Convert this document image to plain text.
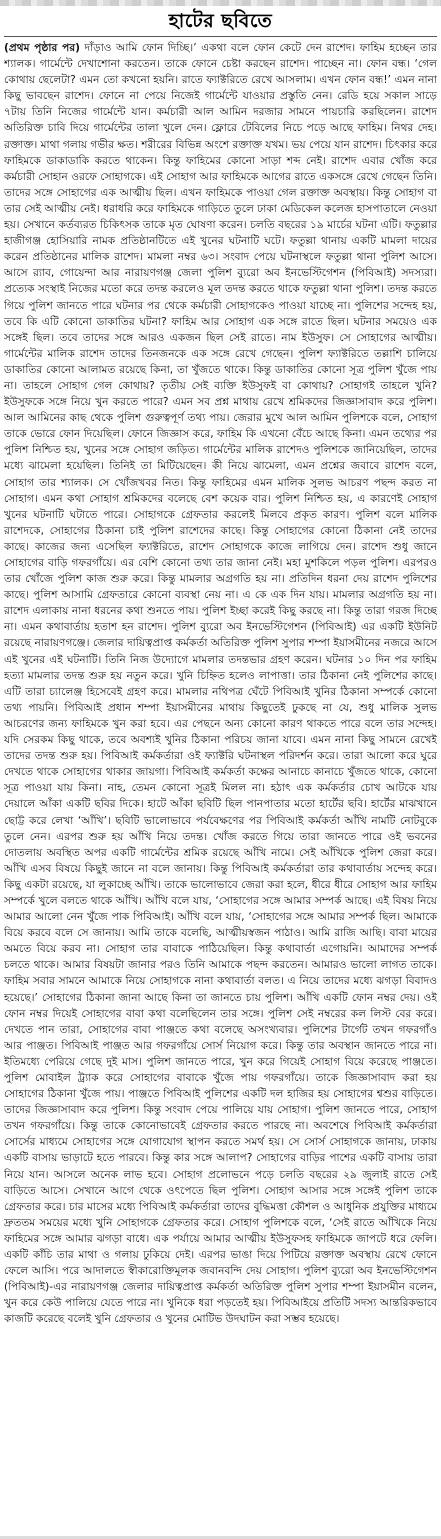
হাটের ছবিতে

(প্রথম পৃষ্ঠার পর) দাঁড়াও আমি ফোন দিচ্ছি।’ একথা বলে ফোন কেটে দেন রাশেদ। ফাহিম হচ্ছেন তার শ্যালক। গার্মেন্টে দেখাশোনা করতেন। তাকে ফোনে চেষ্টা করছেন রাশেদ। পাচ্ছেন না। ফোন বন্ধ। ‘গেল কোথায় ছেলেটা? এমন তো কখনো হয়নি। রাতে ফ্যাক্টরিতে রেখে আসলাম। এখন ফোন বন্ধ!’ এমন নানা কিছু ভাবছেন রাশেদ। ফোনে না পেয়ে নিজেই গার্মেন্টে যাওয়ার প্রস্তুতি নেন। রেডি হয়ে সকাল সাড়ে ৭টায় তিনি নিজের গার্মেন্টে যান। কর্মচারী আল আমিন দরজার সামনে পায়চারি করছিলেন। রাশেদ অতিরিক্ত চাবি দিয়ে গার্মেন্টের তালা খুলে দেন। ফ্লোরে টেবিলের নিচে পড়ে আছে ফাহিম। নিথর দেহ। রক্তাক্ত। মাথা গলায় গভীর ক্ষত। শরীরের বিভিন্ন অংশে রক্তাক্ত যখম। ভয় পেয়ে যান রাশেদ। চিৎকার করে ফাহিমকে ডাকাডাকি করতে থাকেন। কিন্তু ফাহিমের কোনো সাড়া শব্দ নেই। রাশেদ এবার খোঁজ করে কর্মচারী সোহান ওরফে সোহাগকে। এই সোহাগ আর ফাহিমকে আগের রাতে একসঙ্গে রেখে গেছেন তিনি। তাদের সঙ্গে সোহাগের এক আত্মীয় ছিল। এখন ফাহিমকে পাওয়া গেল রক্তাক্ত অবস্থায়। কিন্তু সোহাগ বা তার সেই আত্মীয় নেই। ধরাধরি করে ফাহিমকে গাড়িতে তুলে ঢাকা মেডিকেল কলেজ হাসপাতালে নেওয়া হয়। সেখানে কর্তব্যরত চিকিৎসক তাকে মৃত ঘোষণা করেন। চলতি বছরের ১৯ মার্চের ঘটনা এটি। ফতুল্লার হাজীগঞ্জ হোসিয়ারি নামক প্রতিষ্ঠানটিতে এই খুনের ঘটনাটি ঘটে। ফতুল্লা থানায় একটি মামলা দায়ের করেন প্রতিষ্ঠানের মালিক রাশেদ। মামলা নম্বর ৬৩। সংবাদ পেয়ে ঘটনাস্থলে ফতুল্লা থানা পুলিশ আসে। আসে র‌্যাব, গোয়েন্দা আর নারায়ণগঞ্জ জেলা পুলিশ ব্যুরো অব ইনভেস্টিগেশন (পিবিআই) সদস্যরা। প্রত্যেক সংস্থাই নিজের মতো করে তদন্ত করলেও মূল তদন্ত করতে থাকে ফতুল্লা থানা পুলিশ। তদন্ত করতে গিয়ে পুলিশ জানতে পারে ঘটনার পর থেকে কর্মচারী সোহাগকেও পাওয়া যাচ্ছে না। পুলিশের সন্দেহ হয়, তবে কি এটি কোনো ডাকাতির ঘটনা? ফাহিম আর সোহাগ এক সঙ্গে রাতে ছিল। ঘটনার সময়েও এক সঙ্গেই ছিল। তবে তাদের সঙ্গে আরও একজন ছিল সেই রাতে। নাম ইউসুফ। সে সোহাগের আত্মীয়। গার্মেন্টের মালিক রাশেদ তাদের তিনজনকে এক সঙ্গে রেখে গেছেন। পুলিশ ফ্যাক্টরিতে তল্লাশি চালিয়ে ডাকাতির কোনো আলামত রয়েছে কিনা, তা খুঁজতে থাকে। কিন্তু ডাকাতির কোনো সূত্র পুলিশ খুঁজে পায় না। তাহলে সোহাগ গেল কোথায়? তৃতীয় সেই ব্যক্তি ইউসুফই বা কোথায়? সোহাগই তাহলে খুনি? ইউসুফকে সঙ্গে নিয়ে খুন করতে পারে? এমন সব প্রশ্ন মাথায় রেখে শ্রমিকদের জিজ্ঞাসাবাদ করে পুলিশ। আল আমিনের কাছ থেকে পুলিশ গুরুত্বপূর্ণ তথ্য পায়। জেরার মুখে আল আমিন পুলিশকে বলে, সোহাগ তাকে ভোরে ফোন দিয়েছিল। ফোনে জিজ্ঞাস করে, ফাহিম কি এখনো বেঁচে আছে কিনা। এমন তথ্যের পর পুলিশ নিশ্চিত হয়, খুনের সঙ্গে সোহাগ জড়িত। গার্মেন্টের মালিক রাশেদও পুলিশকে জানিয়েছিল, তাদের মধ্যে ঝামেলা হয়েছিল। তিনিই তা মিটিয়েছেন। কী নিয়ে ঝামেলা, এমন প্রশ্নের জবাবে রাশেদ বলে, সোহাগ তার শ্যালক। সে খোঁজখবর নিত। কিন্তু ফাহিমের এমন মালিক সুলভ আচরণ পছন্দ করত না সোহাগ। এমন কথা সোহাগ শ্রমিকদের বলেছে বেশ কয়েক বার। পুলিশ নিশ্চিত হয়, এ কারণেই সোহাগ খুনের ঘটনাটি ঘটাতে পারে। সোহাগকে গ্রেফতার করলেই মিলবে প্রকৃত কারণ। পুলিশ বলে মালিক রাশেদকে, সোহাগের ঠিকানা চাই পুলিশ রাশেদের কাছে। কিন্তু সোহাগের কোনো ঠিকানা নেই তাদের কাছে। কাজের জন্য এসেছিল ফ্যাক্টরিতে, রাশেদ সোহাগকে কাজে লাগিয়ে দেন। রাশেদ শুধু জানে সোহাগের বাড়ি গফরগাঁয়ে। এর বেশি কোনো তথ্য তার জানা নেই। মহা মুশকিলে পড়ল পুলিশ। এরপরও তার খোঁজে পুলিশ কাজ শুরু করে। কিন্তু মামলার অগ্রগতি হয় না। প্রতিদিন ধরনা দেয় রাশেদ পুলিশের কাছে। পুলিশ আসামি গ্রেফতারে কোনো ব্যবস্থা নেয় না। এ কে এক দিন যায়। মামলার অগ্রগতি হয় না। রাশেদ এলাকায় নানা ধরনের কথা শুনতে পায়। পুলিশ ইচ্ছা করেই কিছু করছে না। কিন্তু তারা গরজ দিচ্ছে না। এমন কথাবার্তায় হতাশ হন রাশেদ। পুলিশ ব্যুরো অব ইনভেস্টিগেশন (পিবিআই) এর একটি ইউনিট রয়েছে নারায়ণগঞ্জে। জেলার দায়িত্বপ্রাপ্ত কর্মকর্তা অতিরিক্ত পুলিশ সুপার শম্পা ইয়াসমীনের নজরে আসে এই খুনের এই ঘটনাটি। তিনি নিজ উদ্যোগে মামলার তদন্তভার গ্রহণ করেন। ঘটনার ১০ দিন পর ফাহিম হত্যা মামলার তদন্ত শুরু হয় নতুন করে। খুনি চিহ্নিত হলেও লাপাত্তা। তার ঠিকানা নেই পুলিশের কাছে। এটি তারা চ্যালেঞ্জ হিসেবেই গ্রহণ করে। মামলার নথিপত্র ঘেঁটে পিবিআই খুনির ঠিকানা সম্পর্কে কোনো তথ্য পায়নি। পিবিআই প্রধান শম্পা ইয়াসমীনের মাথায় কিছুতেই ঢুকছে না যে, শুধু মালিক সুলভ আচরণের জন্য ফাহিমকে খুন করা হবে। এর পেছনে অন্য কোনো কারণ থাকতে পারে বলে তার সন্দেহ। যদি সেরকম কিছু থাকে, তবে অবশ্যই খুনির ঠিকানা পরিচয় জানা যাবে। এমন নানা কিছু সামনে রেখেই তাদের তদন্ত শুরু হয়। পিবিআই কর্মকর্তারা ওই ফ্যাক্টরি ঘটনাস্থল পরিদর্শন করে। তারা আলো করে ঘুরে দেখতে থাকে সোহাগের থাকার জায়গা। পিবিআই কর্মকর্তা কক্ষের আনাচে কানাচে খুঁজতে থাকে, কোনো সূত্র পাওয়া যায় কিনা। নাহ, তেমন কোনো সূত্রই মিলল না। হঠাৎ এক কর্মকর্তার চোখ আটকে যায় দেয়ালে আঁকা একটি ছবির দিকে। হাটে আঁকা ছবিটি ছিল পানপাতার মতো হার্টের ছবি। হার্টের মাঝখানে ছোট্ট করে লেখা ‘আঁখি’। ছবিটি ভালোভাবে পর্যবেক্ষণের পর পিবিআই কর্মকর্তা আঁখি নামটি নোটবুকে তুলে নেন। এরপর শুরু হয় আঁখি নিয়ে তদন্ত। খোঁজ করতে গিয়ে তারা জানতে পারে ওই ভবনের দোতলায় অবস্থিত অপর একটি গার্মেন্টের শ্রমিক রয়েছে আঁখি নামে। সেই আঁখিকে পুলিশ জেরা করে। আঁখি এসব বিষয়ে কিছুই জানে না বলে জানায়। কিন্তু পিবিআই কর্মকর্তারা তার কথাবার্তায় সন্দেহ করে। কিছু একটা রয়েছে, যা লুকাচ্ছে আঁখি। তাকে ভালোভাবে জেরা করা হলে, ধীরে ধীরে সোহাগ আর ফাহিম সম্পর্কে খুলে বলতে থাকে আঁখি। আঁখি বলে যায়, ‘সোহাগের সঙ্গে আমার সম্পর্ক আছে। এই বিষয় নিয়ে আমার আলো নেন খুঁজে পাক পিবিআই। আঁখি বলে যায়, ‘সোহাগের সঙ্গে আমার সম্পর্ক ছিল। আমাকে বিয়ে করবে বলে সে জানায়। আমি তাকে বলেছি, আত্মীয়স্বজন পাঠাও। আমি রাজি আছি। বাবা মায়ের অমতে বিয়ে করব না। সোহাগ তার বাবাকে পাঠিয়েছিল। কিন্তু কথাবার্তা এগোয়নি। আমাদের সম্পর্ক চলতে থাকে। আমার বিষয়টা জানার পরও তিনি আমাকে পছন্দ করতেন। আমারও ভালো লাগত তাকে। ফাহিম সবার সামনে আমাকে নিয়ে সোহাগকে নানা কথাবার্তা বলত। এ নিয়ে তাদের মধ্যে ঝগড়া বিবাদও হয়েছে।’ সোহাগের ঠিকানা জানা আছে কিনা তা জানতে চায় পুলিশ। আঁখি একটি ফোন নম্বর দেয়। ওই ফোন নম্বর দিয়েই সোহাগের বাবা কথা বলেছিলেন তার সঙ্গে। পুলিশ সেই নম্বরের কল লিস্ট বের করে। দেখতে পান তারা, সোহাগের বাবা পাঞ্জতে কথা বলেছে অসংখ্যবার। পুলিশের টার্গেট তখন গফরগাঁও আর পাঞ্জত। পিবিআই পাঞ্জত আর গফরগাঁয়ে সোর্স নিয়োগ করে। কিন্তু তার অবস্থান জানতে পারে না। ইতিমধ্যে পেরিয়ে গেছে দুই মাস। পুলিশ জানতে পারে, খুন করে গিয়েই সোহাগ বিয়ে করেছে পাঞ্জতে। পুলিশ মোবাইল ট্র্যাক করে সোহাগের বাবাকে খুঁজে পায় গফরগাঁয়ে। তাকে জিজ্ঞাসাবাদ করা হয় সোহাগের ঠিকানা খুঁজে পায়। পাঞ্জতে পিবিআই পুলিশের একটি দল হাজির হয় সোহাগের শ্বশুর বাড়িতে। তাদের জিজ্ঞাসাবাদ করে পুলিশ। কিন্তু সংবাদ পেয়ে পালিয়ে যায় সোহাগ। পুলিশ জানতে পারে, সোহাগ তখন গফরগাঁয়ে। কিন্তু তাকে কোনোভাবেই গ্রেফতার করতে পারছে না। অবশেষে পিবিআই কর্মকর্তারা সোর্সের মাধ্যমে সোহাগের সঙ্গে যোগাযোগ স্থাপন করতে সমর্থ হয়। সে সোর্স সোহাগকে জানায়, ঢাকায় একটি বাসায় ভাড়াটে হতে পারবে। কিন্তু কার সঙ্গে আলাপ? সোহাগের বাড়ির পাশের একটি বাসায় তারা নিয়ে যান। আসলে অনেক লাভ হবে। সোহাগ প্রলোভনে পড়ে চলতি বছরের ২৯ জুলাই রাতে সেই বাড়িতে আসে। সেখানে আগে থেকে ওৎপেতে ছিল পুলিশ। সোহাগ আসার সঙ্গে সঙ্গেই পুলিশ তাকে গ্রেফতার করে। চার মাসের মধ্যে পিবিআই কর্মকর্তারা তাদের বুদ্ধিমত্তা কৌশল ও আধুনিক প্রযুক্তির মাধ্যমে দ্রুততম সময়ের মধ্যে খুনি সোহাগকে গ্রেফতার করে। সোহাগ পুলিশকে বলে, ‘সেই রাতে আঁখিকে নিয়ে ফাহিমের সঙ্গে আমার ঝগড়া বাধে। এক পর্যায়ে আমার আত্মীয় ইউসুফসহ ফাহিমকে জাপটে ধরে ফেলি। একটি কাঁচি তার মাথা ও গলায় ঢুকিয়ে দেই। এরপর ভাঙা দিয়ে পিটিয়ে রক্তাক্ত অবস্থায় রেখে ফোনে ফেলে আসি। পরে আদালতে স্বীকারোক্তিমূলক জবানবন্দি দেয় সোহাগ। পুলিশ ব্যুরো অব ইনভেস্টিগেশন (পিবিআই)-এর নারায়ণগঞ্জ জেলার দায়িত্বপ্রাপ্ত কর্মকর্তা অতিরিক্ত পুলিশ সুপার শম্পা ইয়াসমীন বলেন, খুন করে কেউ পালিয়ে যেতে পারে না। খুনিকে ধরা পড়তেই হয়। পিবিআইয়ে প্রতিটি সদস্য আন্তরিকভাবে কাজটি করেছে বলেই খুনি গ্রেফতার ও খুনের মোটিভ উদঘাটন করা সম্ভব হয়েছে।
